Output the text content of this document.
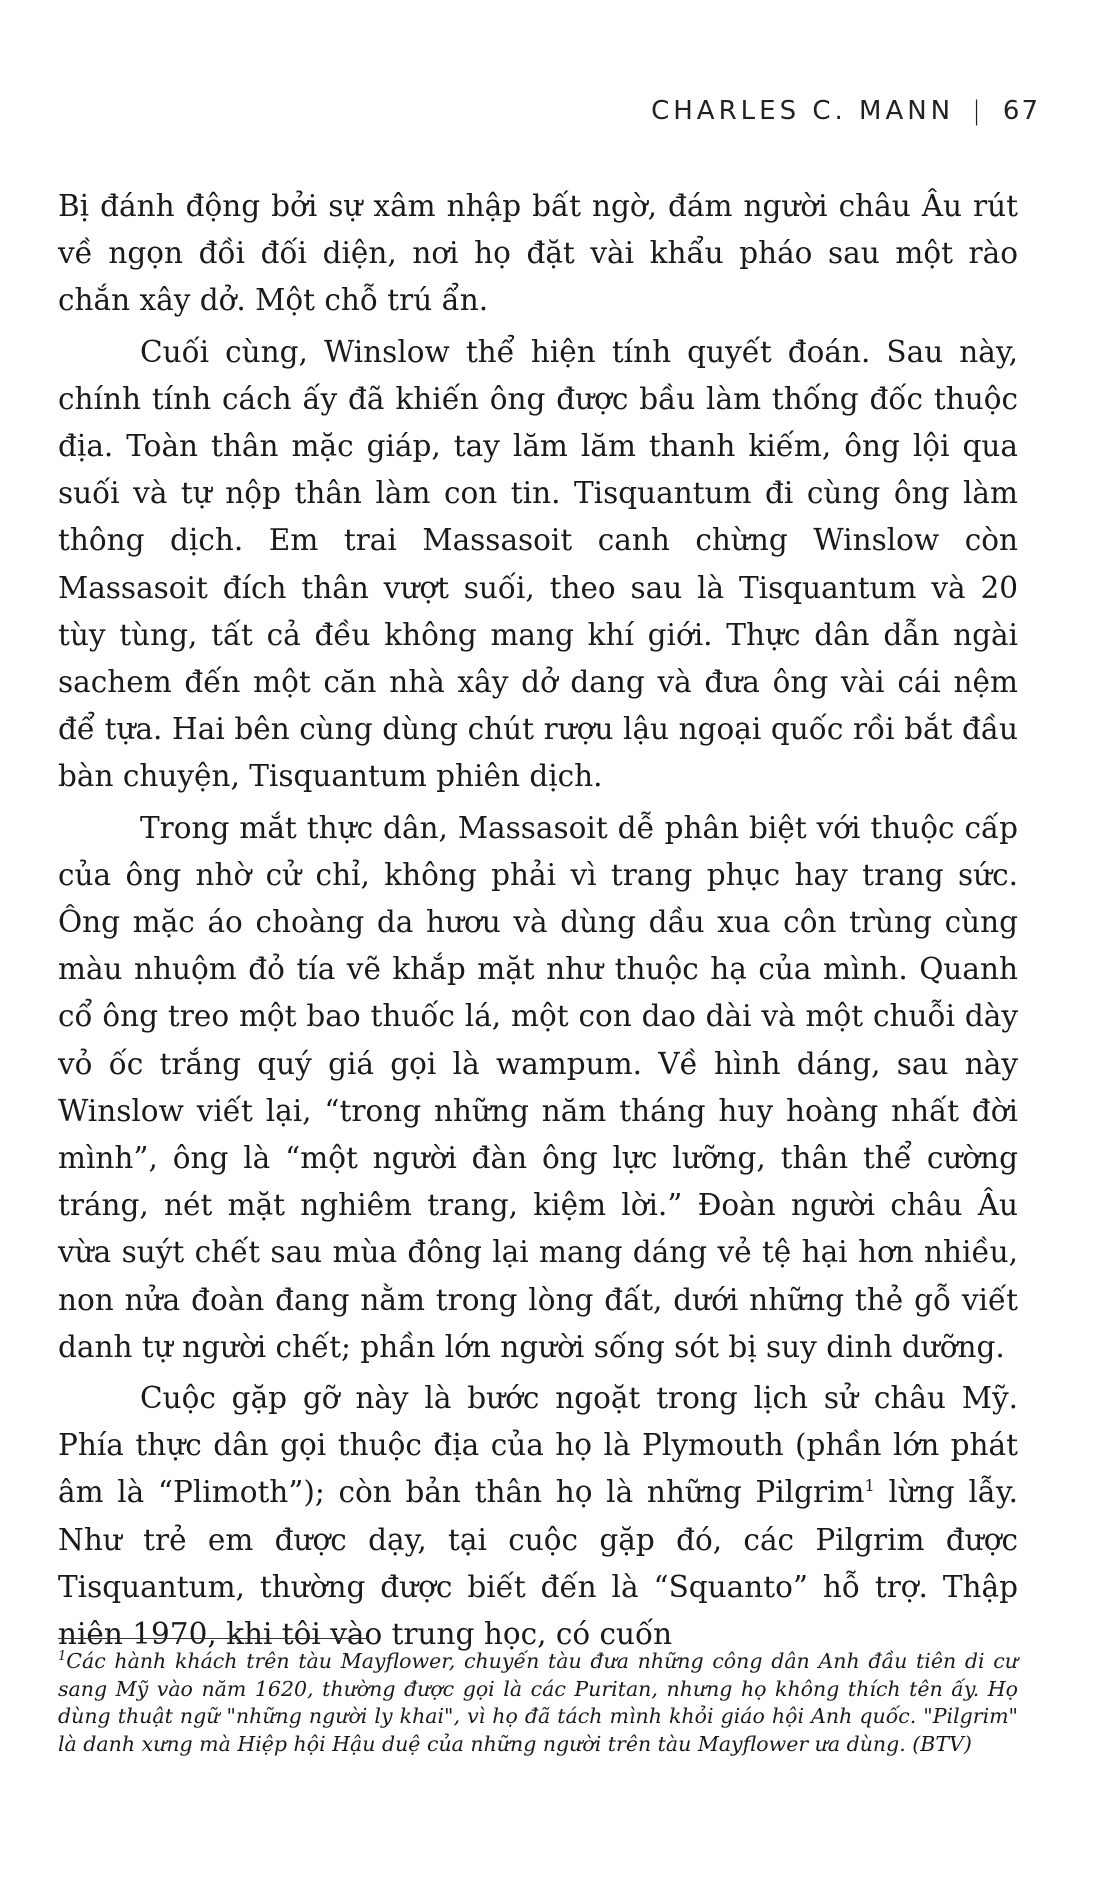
CHARLES C. MANN | 67

Bị đánh động bởi sự xâm nhập bất ngờ, đám người châu Âu rút về ngọn đồi đối diện, nơi họ đặt vài khẩu pháo sau một rào chắn xây dở. Một chỗ trú ẩn.

Cuối cùng, Winslow thể hiện tính quyết đoán. Sau này, chính tính cách ấy đã khiến ông được bầu làm thống đốc thuộc địa. Toàn thân mặc giáp, tay lăm lăm thanh kiếm, ông lội qua suối và tự nộp thân làm con tin. Tisquantum đi cùng ông làm thông dịch. Em trai Massasoit canh chừng Winslow còn Massasoit đích thân vượt suối, theo sau là Tisquantum và 20 tùy tùng, tất cả đều không mang khí giới. Thực dân dẫn ngài sachem đến một căn nhà xây dở dang và đưa ông vài cái nệm để tựa. Hai bên cùng dùng chút rượu lậu ngoại quốc rồi bắt đầu bàn chuyện, Tisquantum phiên dịch.

Trong mắt thực dân, Massasoit dễ phân biệt với thuộc cấp của ông nhờ cử chỉ, không phải vì trang phục hay trang sức. Ông mặc áo choàng da hươu và dùng dầu xua côn trùng cùng màu nhuộm đỏ tía vẽ khắp mặt như thuộc hạ của mình. Quanh cổ ông treo một bao thuốc lá, một con dao dài và một chuỗi dày vỏ ốc trắng quý giá gọi là wampum. Về hình dáng, sau này Winslow viết lại, “trong những năm tháng huy hoàng nhất đời mình”, ông là “một người đàn ông lực lưỡng, thân thể cường tráng, nét mặt nghiêm trang, kiệm lời.” Đoàn người châu Âu vừa suýt chết sau mùa đông lại mang dáng vẻ tệ hại hơn nhiều, non nửa đoàn đang nằm trong lòng đất, dưới những thẻ gỗ viết danh tự người chết; phần lớn người sống sót bị suy dinh dưỡng.

Cuộc gặp gỡ này là bước ngoặt trong lịch sử châu Mỹ. Phía thực dân gọi thuộc địa của họ là Plymouth (phần lớn phát âm là “Plimoth”); còn bản thân họ là những Pilgrim$^1$ lừng lẫy. Như trẻ em được dạy, tại cuộc gặp đó, các Pilgrim được Tisquantum, thường được biết đến là “Squanto” hỗ trợ. Thập niên 1970, khi tôi vào trung học, có cuốn

$^1$Các hành khách trên tàu Mayflower, chuyến tàu đưa những công dân Anh đầu tiên di cư sang Mỹ vào năm 1620, thường được gọi là các Puritan, nhưng họ không thích tên ấy. Họ dùng thuật ngữ "những người ly khai", vì họ đã tách mình khỏi giáo hội Anh quốc. "Pilgrim" là danh xưng mà Hiệp hội Hậu duệ của những người trên tàu Mayflower ưa dùng. (BTV)
